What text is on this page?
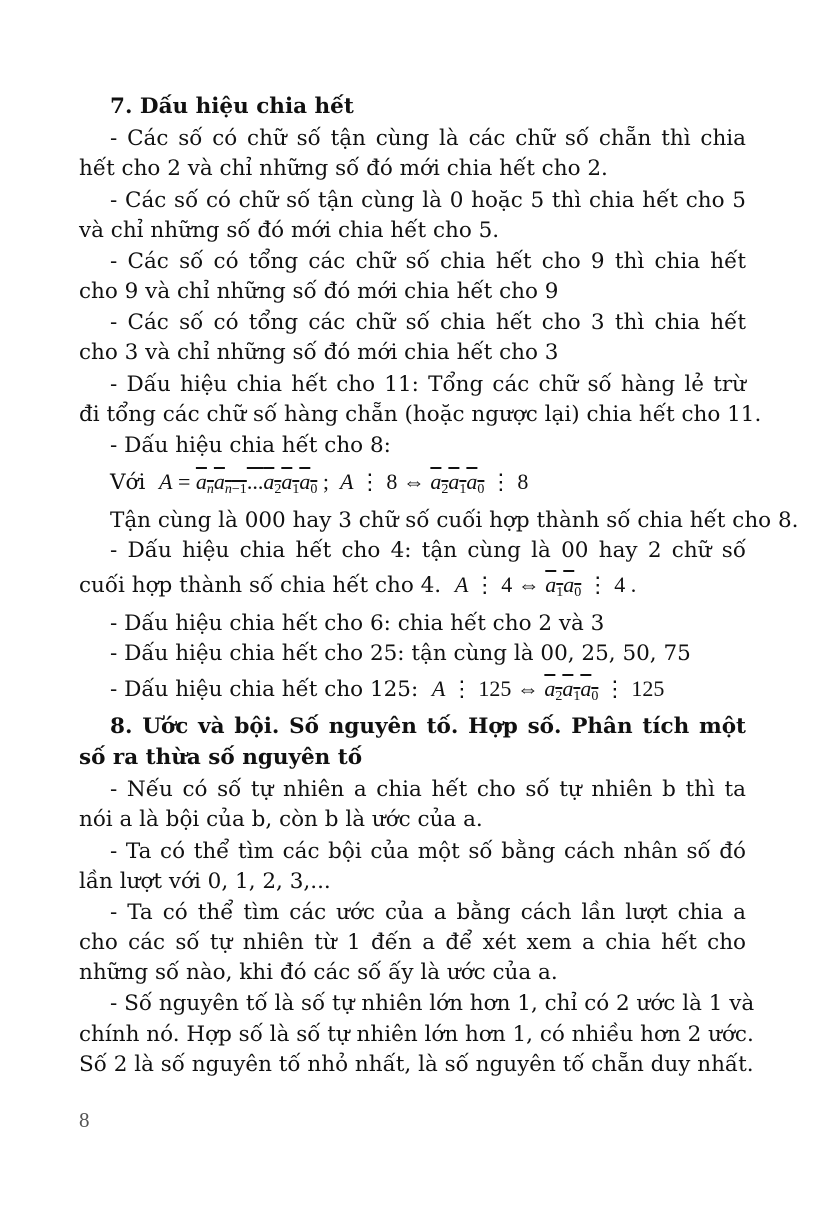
7. Dấu hiệu chia hết
- Các số có chữ số tận cùng là các chữ số chẵn thì chia
hết cho 2 và chỉ những số đó mới chia hết cho 2.
- Các số có chữ số tận cùng là 0 hoặc 5 thì chia hết cho 5
và chỉ những số đó mới chia hết cho 5.
- Các số có tổng các chữ số chia hết cho 9 thì chia hết
cho 9 và chỉ những số đó mới chia hết cho 9
- Các số có tổng các chữ số chia hết cho 3 thì chia hết
cho 3 và chỉ những số đó mới chia hết cho 3
- Dấu hiệu chia hết cho 11: Tổng các chữ số hàng lẻ trừ
đi tổng các chữ số hàng chẵn (hoặc ngược lại) chia hết cho 11.
- Dấu hiệu chia hết cho 8:
Với $A = a_na_{n-1}...a_2a_1a_0$ ;  A ⋮ 8 ⇔ $a_2a_1a_0$ ⋮ 8
Tận cùng là 000 hay 3 chữ số cuối hợp thành số chia hết cho 8.
- Dấu hiệu chia hết cho 4: tận cùng là 00 hay 2 chữ số
cuối hợp thành số chia hết cho 4. A ⋮ 4 ⇔ $a_1a_0$ ⋮ 4 .
- Dấu hiệu chia hết cho 6: chia hết cho 2 và 3
- Dấu hiệu chia hết cho 25: tận cùng là 00, 25, 50, 75
- Dấu hiệu chia hết cho 125: A ⋮ 125 ⇔ $a_2a_1a_0$ ⋮ 125
8. Ước và bội. Số nguyên tố. Hợp số. Phân tích một
số ra thừa số nguyên tố
- Nếu có số tự nhiên a chia hết cho số tự nhiên b thì ta
nói a là bội của b, còn b là ước của a.
- Ta có thể tìm các bội của một số bằng cách nhân số đó
lần lượt với 0, 1, 2, 3,...
- Ta có thể tìm các ước của a bằng cách lần lượt chia a
cho các số tự nhiên từ 1 đến a để xét xem a chia hết cho
những số nào, khi đó các số ấy là ước của a.
- Số nguyên tố là số tự nhiên lớn hơn 1, chỉ có 2 ước là 1 và
chính nó. Hợp số là số tự nhiên lớn hơn 1, có nhiều hơn 2 ước.
Số 2 là số nguyên tố nhỏ nhất, là số nguyên tố chẵn duy nhất.
8
